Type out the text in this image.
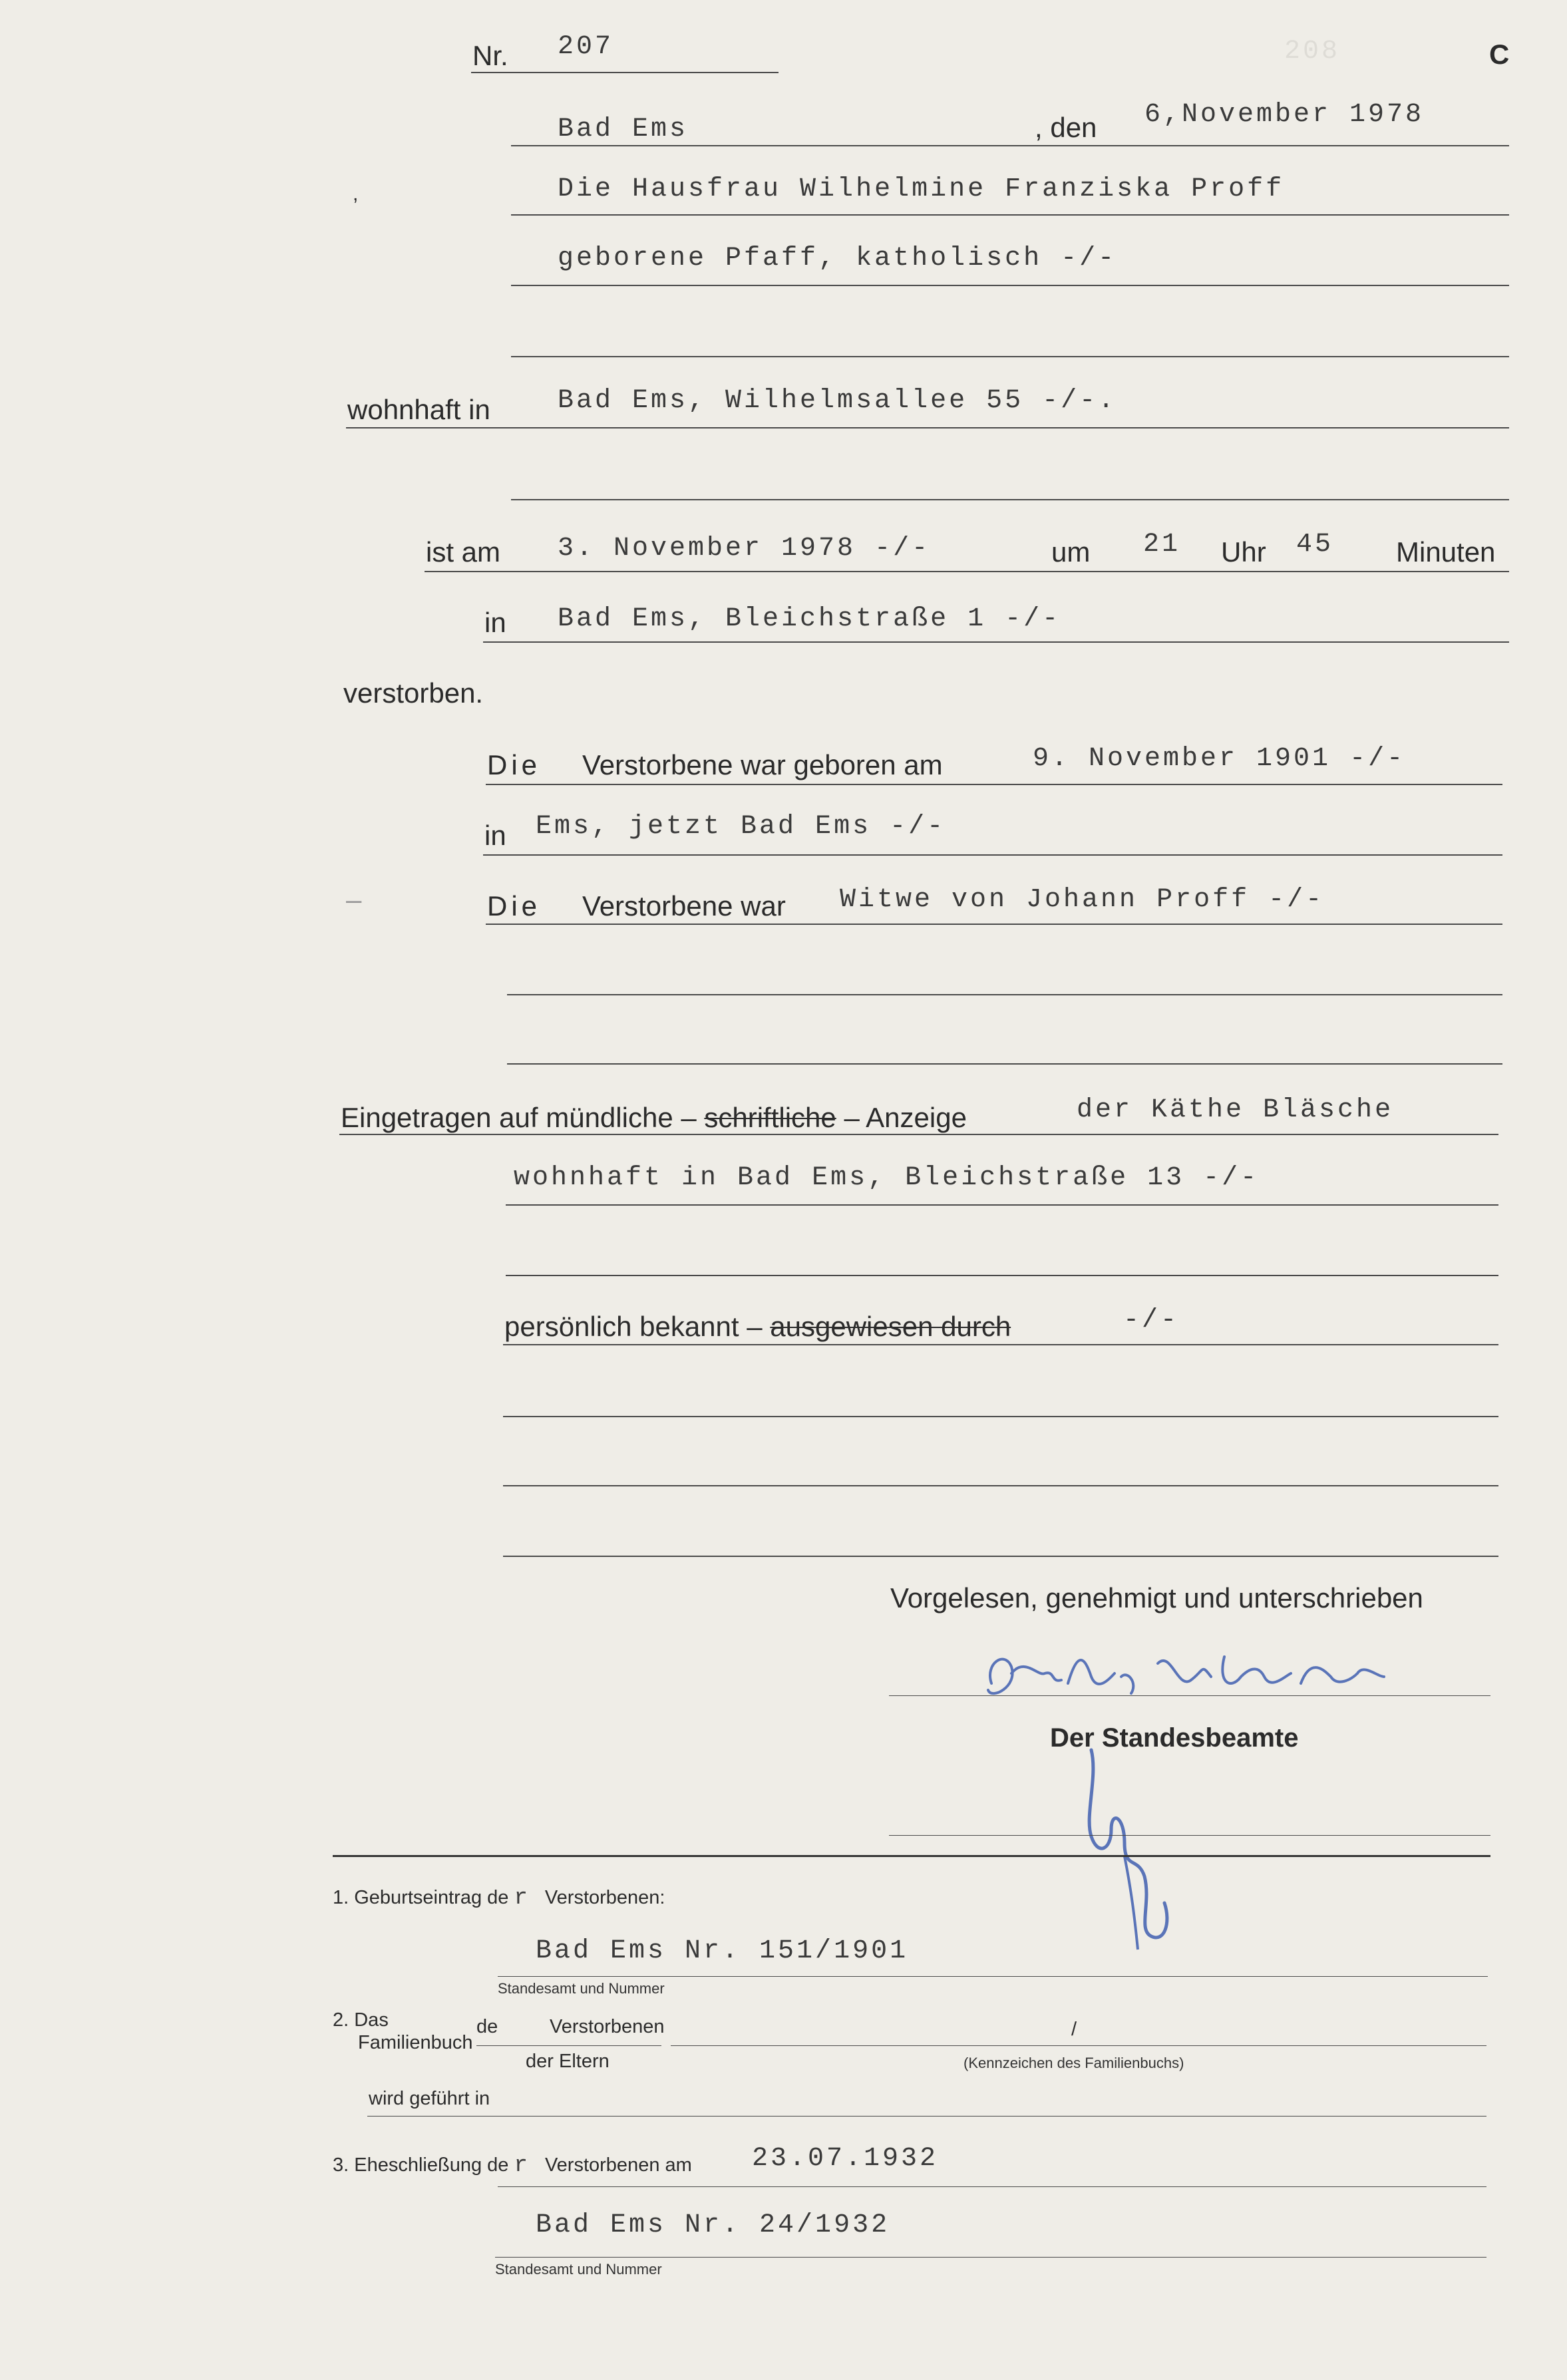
208

Nr. 207	C
Bad Ems	, den 6,November 1978
,	Die Hausfrau Wilhelmine Franziska Proff
geborene Pfaff, katholisch -/-
wohnhaft in	Bad Ems, Wilhelmsallee 55 -/-.
ist am 3. November 1978 -/-	um 21 Uhr 45 Minuten
in Bad Ems, Bleichstraße 1 -/-
verstorben.
Die Verstorbene war geboren am	9. November 1901 -/-
in Ems, jetzt Bad Ems -/-
–	Die Verstorbene war Witwe von Johann Proff -/-
Eingetragen auf mündliche – schriftliche – Anzeige	der Käthe Bläsche
wohnhaft in Bad Ems, Bleichstraße 13 -/-
persönlich bekannt – ausgewiesen durch	-/-
Vorgelesen, genehmigt und unterschrieben
Der Standesbeamte
1. Geburtseintrag de r Verstorbenen:
Bad Ems Nr. 151/1901
Standesamt und Nummer
2. Das
Familienbuch
de	Verstorbenen	/
der Eltern	(Kennzeichen des Familienbuchs)
wird geführt in
3. Eheschließung de r Verstorbenen am 23.07.1932
Bad Ems Nr. 24/1932
Standesamt und Nummer
